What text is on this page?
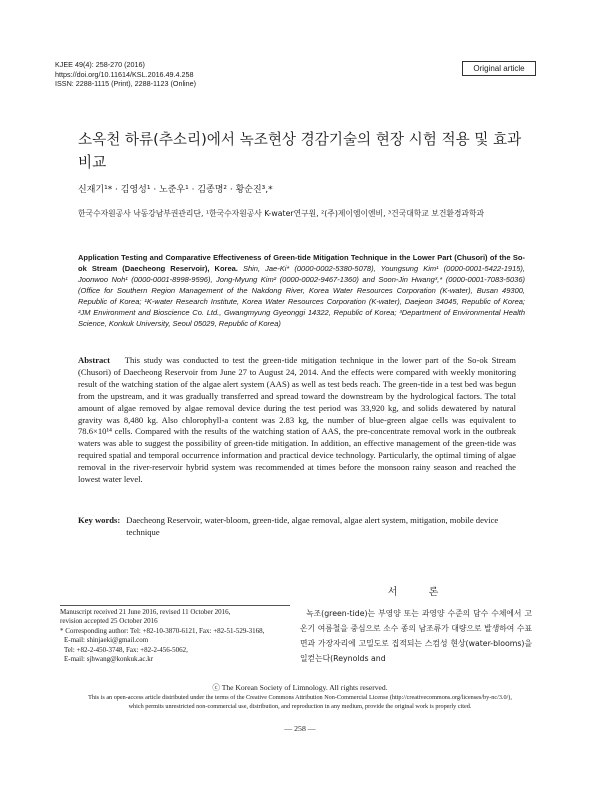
KJEE 49(4): 258-270 (2016)
https://doi.org/10.11614/KSL.2016.49.4.258
ISSN: 2288-1115 (Print), 2288-1123 (Online)
Original article
소옥천 하류(추소리)에서 녹조현상 경감기술의 현장 시험 적용 및 효과 비교
신재기¹* · 김영성¹ · 노준우¹ · 김종명² · 황순진³,*
한국수자원공사 낙동강남부권관리단, ¹한국수자원공사 K-water연구원, ²(주)제이엠이엔비, ³건국대학교 보건환경과학과
Application Testing and Comparative Effectiveness of Green-tide Mitigation Technique in the Lower Part (Chusori) of the So-ok Stream (Daecheong Reservoir), Korea. Shin, Jae-Ki* (0000-0002-5380-5078), Youngsung Kim¹ (0000-0001-5422-1915), Joonwoo Noh¹ (0000-0001-8998-9596), Jong-Myung Kim² (0000-0002-9467-1360) and Soon-Jin Hwang³,* (0000-0001-7083-5036) (Office for Southern Region Management of the Nakdong River, Korea Water Resources Corporation (K-water), Busan 49300, Republic of Korea; ¹K-water Research Institute, Korea Water Resources Corporation (K-water), Daejeon 34045, Republic of Korea; ²JM Environment and Bioscience Co. Ltd., Gwangmyung Gyeonggi 14322, Republic of Korea; ³Department of Environmental Health Science, Konkuk University, Seoul 05029, Republic of Korea)
Abstract This study was conducted to test the green-tide mitigation technique in the lower part of the So-ok Stream (Chusori) of Daecheong Reservoir from June 27 to August 24, 2014. And the effects were compared with weekly monitoring result of the watching station of the algae alert system (AAS) as well as test beds reach. The green-tide in a test bed was begun from the upstream, and it was gradually transferred and spread toward the downstream by the hydrological factors. The total amount of algae removed by algae removal device during the test period was 33,920 kg, and solids dewatered by natural gravity was 8,480 kg. Also chlorophyll-a content was 2.83 kg, the number of blue-green algae cells was equivalent to 78.6×10¹⁴ cells. Compared with the results of the watching station of AAS, the pre-concentrate removal work in the outbreak waters was able to suggest the possibility of green-tide mitigation. In addition, an effective management of the green-tide was required spatial and temporal occurrence information and practical device technology. Particularly, the optimal timing of algae removal in the river-reservoir hybrid system was recommended at times before the monsoon rainy season and reached the lowest water level.
Key words: Daecheong Reservoir, water-bloom, green-tide, algae removal, algae alert system, mitigation, mobile device technique
서 론
Manuscript received 21 June 2016, revised 11 October 2016,
revision accepted 25 October 2016
* Corresponding author: Tel: +82-10-3870-6121, Fax: +82-51-529-3168,
E-mail: shinjaeki@gmail.com
Tel: +82-2-450-3748, Fax: +82-2-456-5062,
E-mail: sjhwang@konkuk.ac.kr
녹조(green-tide)는 부영양 또는 과영양 수준의 담수 수체에서 고온기 여름철을 중심으로 소수 종의 남조류가 대량으로 발생하여 수표면과 가장자리에 고밀도로 집적되는 스컴성 현상(water-blooms)을 일컫는다(Reynolds and
ⓒ The Korean Society of Limnology. All rights reserved.
This is an open-access article distributed under the terms of the Creative Commons Attribution Non-Commercial License (http://creativecommons.org/licenses/by-nc/3.0/),
which permits unrestricted non-commercial use, distribution, and reproduction in any medium, provide the original work is properly cited.
— 258 —
